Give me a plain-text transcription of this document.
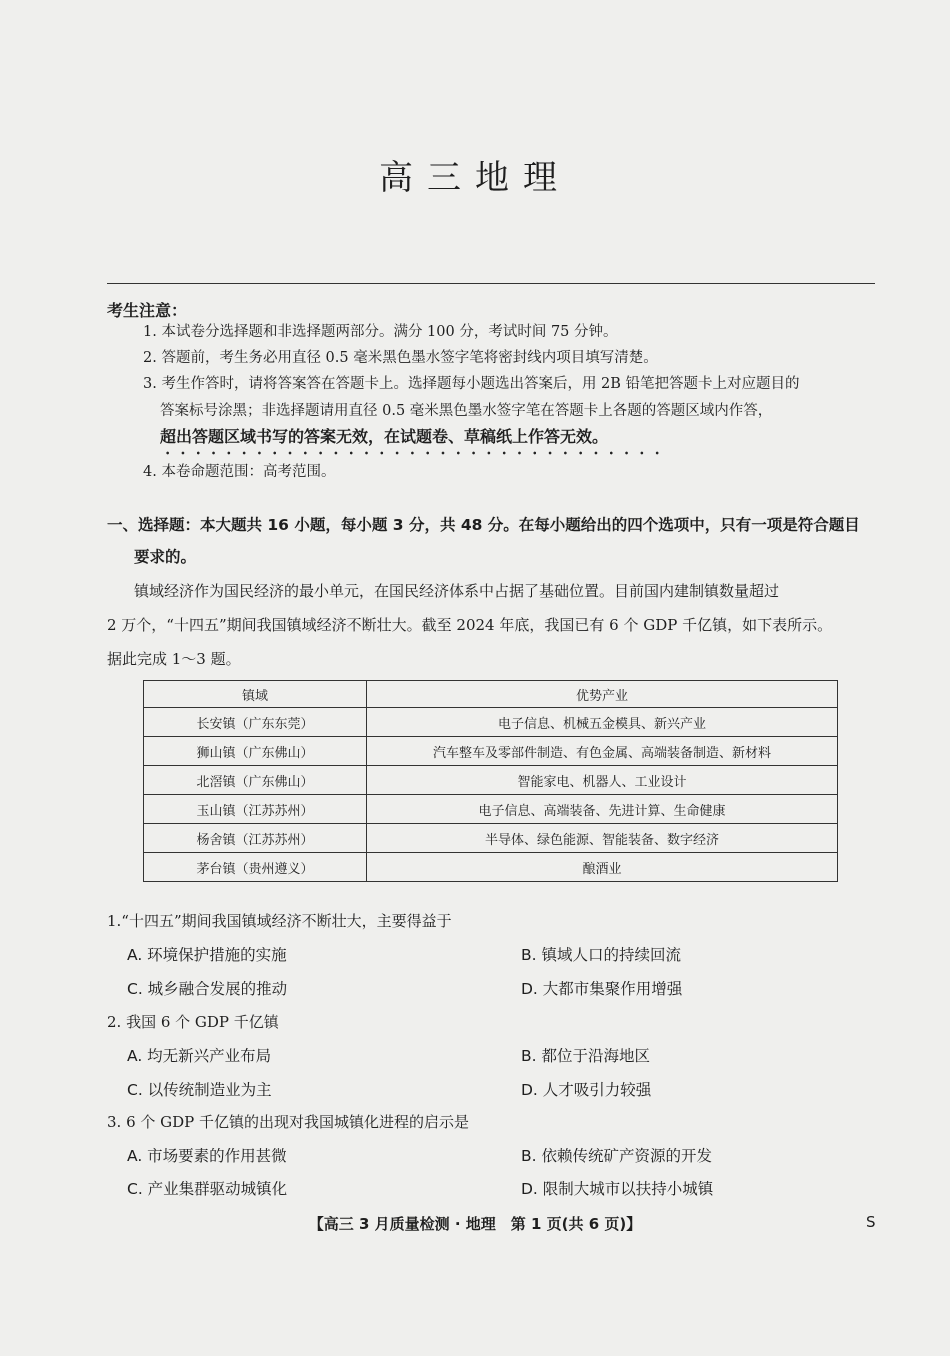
高三地理
考生注意：
1. 本试卷分选择题和非选择题两部分。满分 100 分，考试时间 75 分钟。
2. 答题前，考生务必用直径 0.5 毫米黑色墨水签字笔将密封线内项目填写清楚。
3. 考生作答时，请将答案答在答题卡上。选择题每小题选出答案后，用 2B 铅笔把答题卡上对应题目的
答案标号涂黑；非选择题请用直径 0.5 毫米黑色墨水签字笔在答题卡上各题的答题区域内作答，
超出答题区域书写的答案无效，在试题卷、草稿纸上作答无效。
4. 本卷命题范围：高考范围。
一、选择题：本大题共 16 小题，每小题 3 分，共 48 分。在每小题给出的四个选项中，只有一项是符合题目
要求的。
镇域经济作为国民经济的最小单元，在国民经济体系中占据了基础位置。目前国内建制镇数量超过
2 万个，“十四五”期间我国镇域经济不断壮大。截至 2024 年底，我国已有 6 个 GDP 千亿镇，如下表所示。
据此完成 1～3 题。
镇域	优势产业
长安镇（广东东莞）	电子信息、机械五金模具、新兴产业
狮山镇（广东佛山）	汽车整车及零部件制造、有色金属、高端装备制造、新材料
北滘镇（广东佛山）	智能家电、机器人、工业设计
玉山镇（江苏苏州）	电子信息、高端装备、先进计算、生命健康
杨舍镇（江苏苏州）	半导体、绿色能源、智能装备、数字经济
茅台镇（贵州遵义）	酿酒业
1.“十四五”期间我国镇域经济不断壮大，主要得益于
A. 环境保护措施的实施	B. 镇域人口的持续回流
C. 城乡融合发展的推动	D. 大都市集聚作用增强
2. 我国 6 个 GDP 千亿镇
A. 均无新兴产业布局	B. 都位于沿海地区
C. 以传统制造业为主	D. 人才吸引力较强
3. 6 个 GDP 千亿镇的出现对我国城镇化进程的启示是
A. 市场要素的作用甚微	B. 依赖传统矿产资源的开发
C. 产业集群驱动城镇化	D. 限制大城市以扶持小城镇
【高三 3 月质量检测 · 地理　第 1 页(共 6 页)】	S
